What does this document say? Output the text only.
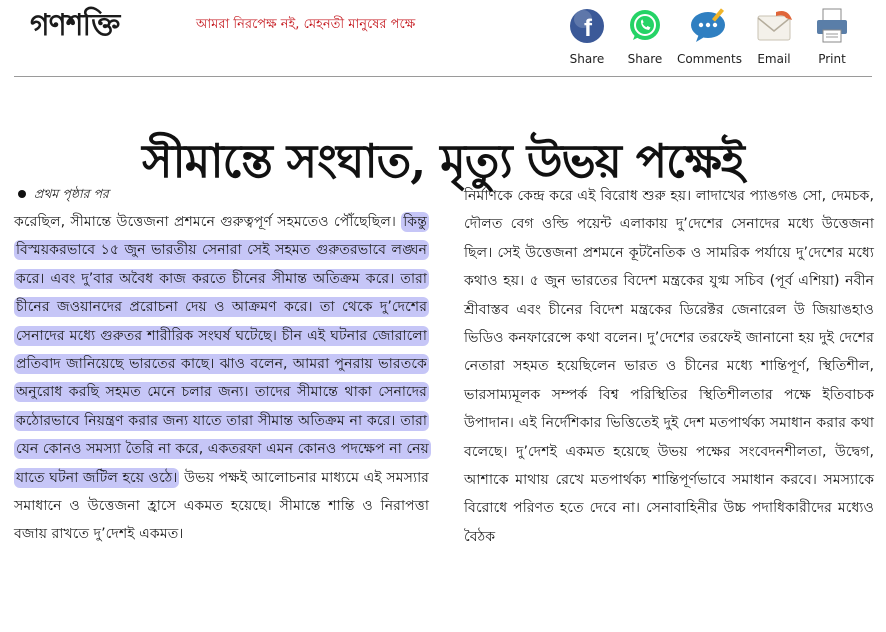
গণশক্তি	আমরা নিরপেক্ষ নই, মেহনতী মানুষের পক্ষে	f
Share Share Comments Email Print
সীমান্তে সংঘাত, মৃত্যু উভয় পক্ষেই
প্রথম পৃষ্ঠার পর

করেছিল, সীমান্তে উত্তেজনা প্রশমনে গুরুত্বপূর্ণ সহমতেও পৌঁছেছিল। কিন্তু বিস্ময়করভাবে ১৫ জুন ভারতীয় সেনারা সেই সহমত গুরুতরভাবে লঙ্ঘন করে। এবং দু’বার অবৈধ কাজ করতে চীনের সীমান্ত অতিক্রম করে। তারা চীনের জওয়ানদের প্ররোচনা দেয় ও আক্রমণ করে। তা থেকে দু’দেশের সেনাদের মধ্যে গুরুতর শারীরিক সংঘর্ষ ঘটেছে। চীন এই ঘটনার জোরালো প্রতিবাদ জানিয়েছে ভারতের কাছে। ঝাও বলেন, আমরা পুনরায় ভারতকে অনুরোধ করছি সহমত মেনে চলার জন্য। তাদের সীমান্তে থাকা সেনাদের কঠোরভাবে নিয়ন্ত্রণ করার জন্য যাতে তারা সীমান্ত অতিক্রম না করে। তারা যেন কোনও সমস্যা তৈরি না করে, একতরফা এমন কোনও পদক্ষেপ না নেয় যাতে ঘটনা জটিল হয়ে ওঠে। উভয় পক্ষই আলোচনার মাধ্যমে এই সমস্যার সমাধানে ও উত্তেজনা হ্রাসে একমত হয়েছে। সীমান্তে শান্তি ও নিরাপত্তা বজায় রাখতে দু’দেশই একমত।

নির্মাণকে কেন্দ্র করে এই বিরোধ শুরু হয়। লাদাখের প্যাঙগঙ সো, দেমচক, দৌলত বেগ ওল্ডি পয়েন্ট এলাকায় দু’দেশের সেনাদের মধ্যে উত্তেজনা ছিল। সেই উত্তেজনা প্রশমনে কূটনৈতিক ও সামরিক পর্যায়ে দু’দেশের মধ্যে কথাও হয়। ৫ জুন ভারতের বিদেশ মন্ত্রকের যুগ্ম সচিব (পূর্ব এশিয়া) নবীন শ্রীবাস্তব এবং চীনের বিদেশ মন্ত্রকের ডিরেক্টর জেনারেল উ জিয়াঙহাও ভিডিও কনফারেন্সে কথা বলেন। দু’দেশের তরফেই জানানো হয় দুই দেশের নেতারা সহমত হয়েছিলেন ভারত ও চীনের মধ্যে শান্তিপূর্ণ, স্থিতিশীল, ভারসাম্যমূলক সম্পর্ক বিশ্ব পরিস্থিতির স্থিতিশীলতার পক্ষে ইতিবাচক উপাদান। এই নির্দেশিকার ভিত্তিতেই দুই দেশ মতপার্থক্য সমাধান করার কথা বলেছে। দু’দেশই একমত হয়েছে উভয় পক্ষের সংবেদনশীলতা, উদ্বেগ, আশাকে মাথায় রেখে মতপার্থক্য শান্তিপূর্ণভাবে সমাধান করবে। সমস্যাকে বিরোধে পরিণত হতে দেবে না। সেনাবাহিনীর উচ্চ পদাধিকারীদের মধ্যেও বৈঠক
